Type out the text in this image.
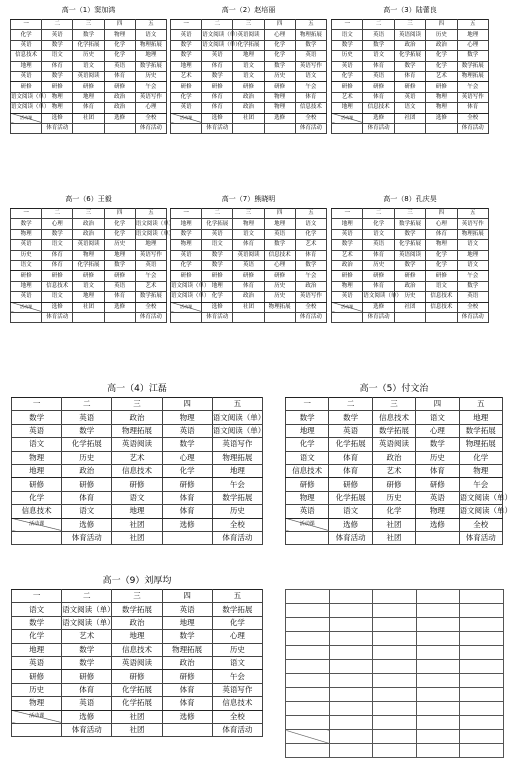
高一（1）窦加鸿
一	二	三	四	五
化学	英语	数学	物理	语文
英语	数学	化学拓展	化学	物理拓展
信息技术	语文	历史	化学	地理
地理	体育	语文	英语	数学拓展
英语	数学	英语阅读	体育	历史
研修	研修	研修	研修	午会
语文阅读（单）	物理	地理	政治	英语写作
语文阅读（单）	物理	体育	政治	心理

活动课	选修	社团	选修	全校
	体育活动			体育活动
高一（2）赵培丽
一	二	三	四	五
英语	语文阅读（单）	英语阅读	心理	物理拓展
数学	语文阅读（单）	化学拓展	化学	数学
数学	英语	地理	化学	英语
地理	体育	语文	数学	英语写作
艺术	数学	语文	历史	语文
研修	研修	研修	研修	午会
化学	体育	政治	物理	体育
英语	体育	政治	物理	信息技术

活动课	选修	社团	选修	全校
	体育活动			体育活动
高一（3）陆蕾良
一	二	三	四	五
语文	英语	英语阅读	历史	地理
数学	数学	政治	政治	心理
历史	语文	化学拓展	化学	数学
英语	体育	数学	化学	数学拓展
化学	英语	体育	艺术	物理拓展
研修	研修	研修	研修	午会
艺术	体育	英语	物理	英语写作
地理	信息技术	语文	物理	体育

活动课	选修	社团	选修	全校
	体育活动			体育活动
高一（6）王毅
一	二	三	四	五
数学	心理	政治	化学	语文阅读（单）
物理	数学	政治	化学	语文阅读（单）
英语	语文	英语阅读	历史	地理
历史	体育	物理	地理	英语写作
语文	体育	化学拓展	数学	英语
研修	研修	研修	研修	午会
地理	信息技术	语文	英语	艺术
英语	语文	地理	体育	数学拓展

活动课	选修	社团	选修	全校
	体育活动			体育活动
高一（7）熊晓明
一	二	三	四	五
地理	化学拓展	物理	地理	语文
数学	英语	语文	英语	化学
物理	语文	体育	数学	艺术
英语	数学	英语阅读	信息技术	体育
化学	数学	英语	心理	数学
研修	研修	研修	研修	午会
语文阅读（单）	地理	体育	历史	政治
语文阅读（单）	化学	政治	历史	英语写作

活动课	选修	社团	物理拓展	全校
	体育活动			体育活动
高一（8）孔庆昊
一	二	三	四	五
地理	化学	数学拓展	心理	英语写作
英语	语文	数学	体育	物理拓展
数学	英语	化学拓展	物理	语文
艺术	体育	英语阅读	化学	地理
政治	历史	数学	化学	语文
研修	研修	研修	研修	午会
物理	体育	政治	语文	数学
英语	语文阅读（单）	历史	信息技术	英语

活动课	选修	社团	信息技术	全校
	体育活动			体育活动
高一（4）江磊
一	二	三	四	五
数学	英语	政治	物理	语文阅读（单）
英语	数学	物理拓展	英语	语文阅读（单）
语文	化学拓展	英语阅读	数学	英语写作
物理	历史	艺术	心理	物理拓展
地理	政治	信息技术	化学	地理
研修	研修	研修	研修	午会
化学	体育	语文	体育	数学拓展
信息技术	语文	地理	体育	历史

活动课	选修	社团	选修	全校
	体育活动	社团		体育活动
高一（5）付文治
一	二	三	四	五
数学	数学	信息技术	语文	地理
地理	英语	数学拓展	心理	数学拓展
化学	化学拓展	英语阅读	数学	物理拓展
语文	体育	政治	历史	化学
信息技术	体育	艺术	体育	物理
研修	研修	研修	研修	午会
物理	化学拓展	历史	英语	语文阅读（单）
英语	语文	化学	物理	语文阅读（单）

活动课	选修	社团	选修	全校
	体育活动	社团		体育活动
高一（9）刘厚均
一	二	三	四	五
语文	语文阅读（单）	数学拓展	英语	数学拓展
数学	语文阅读（单）	政治	地理	化学
化学	艺术	地理	数学	心理
地理	数学	信息技术	物理拓展	历史
英语	数学	英语阅读	政治	语文
研修	研修	研修	研修	午会
历史	体育	化学拓展	体育	英语写作
物理	英语	化学拓展	体育	信息技术

活动课	选修	社团	选修	全校
	体育活动	社团		体育活动
